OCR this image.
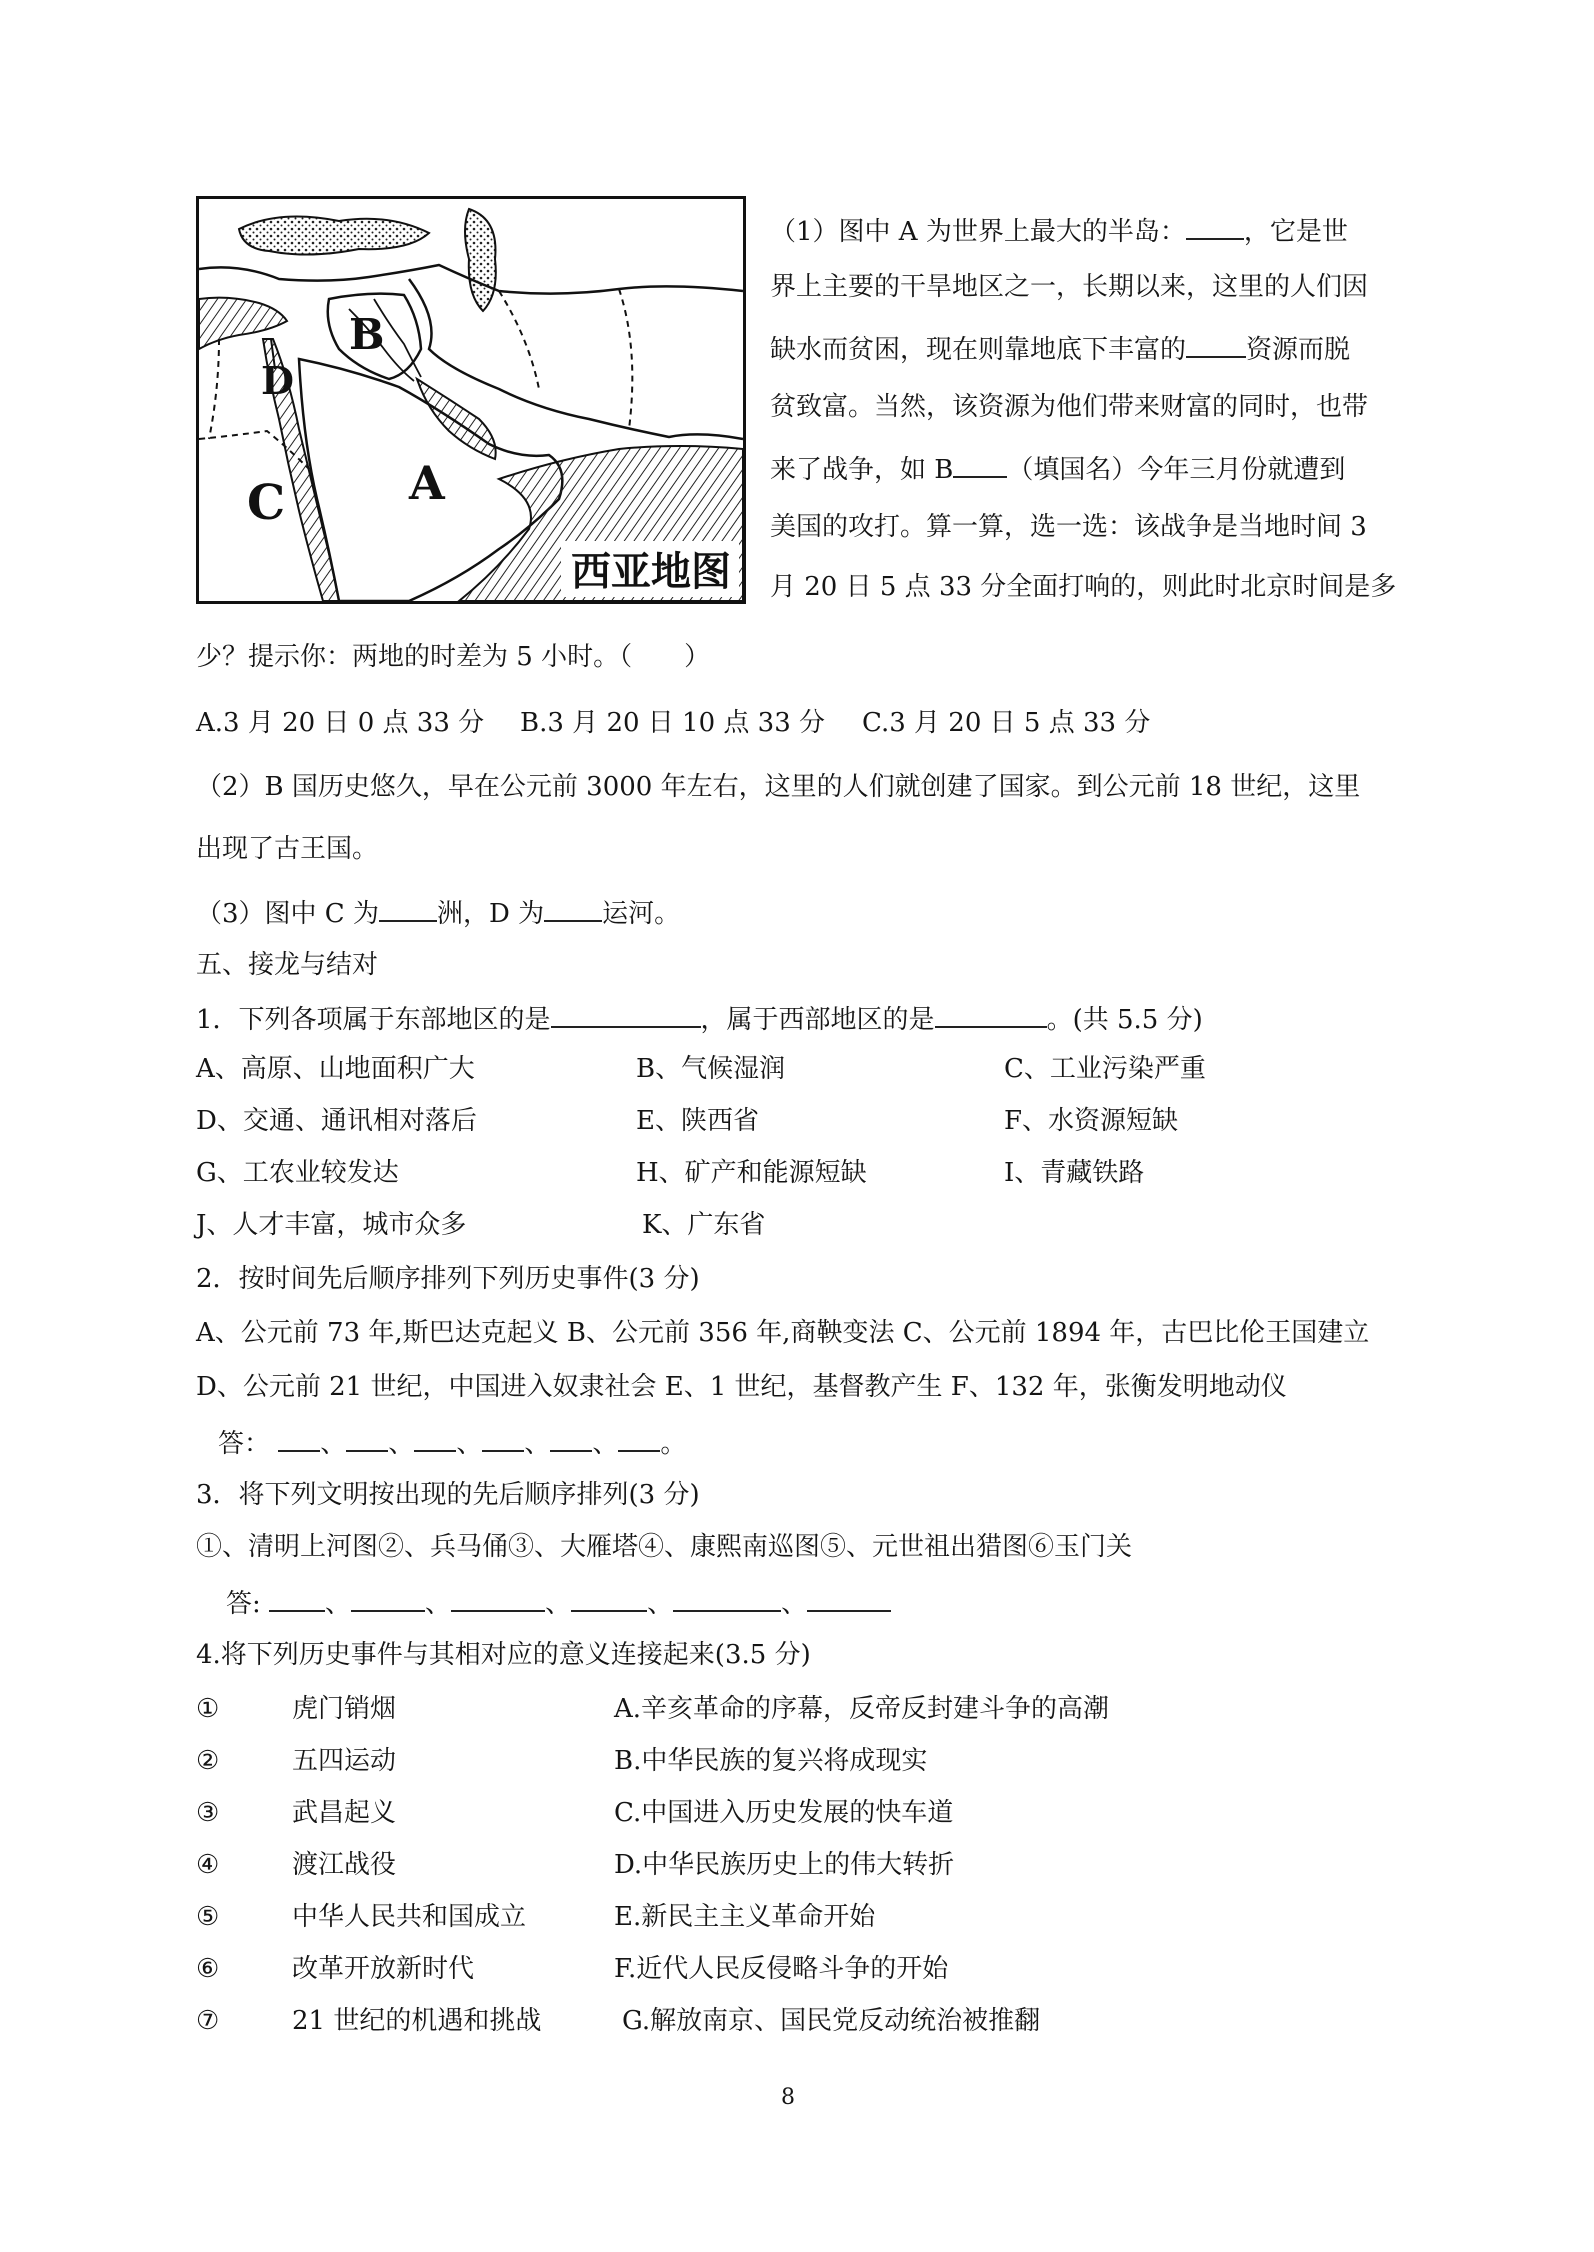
A
B
C
D
西亚地图
（1）图中 A 为世界上最大的半岛： ，它是世
界上主要的干旱地区之一，长期以来，这里的人们因
缺水而贫困，现在则靠地底下丰富的 资源而脱
贫致富。当然，该资源为他们带来财富的同时，也带
来了战争，如 B （填国名）今年三月份就遭到
美国的攻打。算一算，选一选：该战争是当地时间 3
月 20 日 5 点 33 分全面打响的，则此时北京时间是多
少？提示你：两地的时差为 5 小时。（　　）
A.3 月 20 日 0 点 33 分 B.3 月 20 日 10 点 33 分 C.3 月 20 日 5 点 33 分
（2）B 国历史悠久，早在公元前 3000 年左右，这里的人们就创建了国家。到公元前 18 世纪，这里
出现了古王国。
（3）图中 C 为 洲，D 为 运河。
五、接龙与结对
1．下列各项属于东部地区的是	，属于西部地区的是	。(共 5.5 分)
A、高原、山地面积广大	B、气候湿润	C、工业污染严重
D、交通、通讯相对落后	E、陕西省	F、水资源短缺
G、工农业较发达	H、矿产和能源短缺	I、青藏铁路
J、人才丰富，城市众多	K、广东省
2．按时间先后顺序排列下列历史事件(3 分)
A、公元前 73 年,斯巴达克起义 B、公元前 356 年,商鞅变法 C、公元前 1894 年，古巴比伦王国建立
D、公元前 21 世纪，中国进入奴隶社会 E、1 世纪，基督教产生 F、132 年，张衡发明地动仪
答： 、 、 、 、 、 。
3．将下列文明按出现的先后顺序排列(3 分)
①、清明上河图②、兵马俑③、大雁塔④、康熙南巡图⑤、元世祖出猎图⑥玉门关
答: 、	、	、	、	、
4.将下列历史事件与其相对应的意义连接起来(3.5 分)
①	虎门销烟	A.辛亥革命的序幕，反帝反封建斗争的高潮
②	五四运动	B.中华民族的复兴将成现实
③	武昌起义	C.中国进入历史发展的快车道
④	渡江战役	D.中华民族历史上的伟大转折
⑤	中华人民共和国成立	E.新民主主义革命开始
⑥	改革开放新时代	F.近代人民反侵略斗争的开始
⑦	21 世纪的机遇和挑战	G.解放南京、国民党反动统治被推翻
8
